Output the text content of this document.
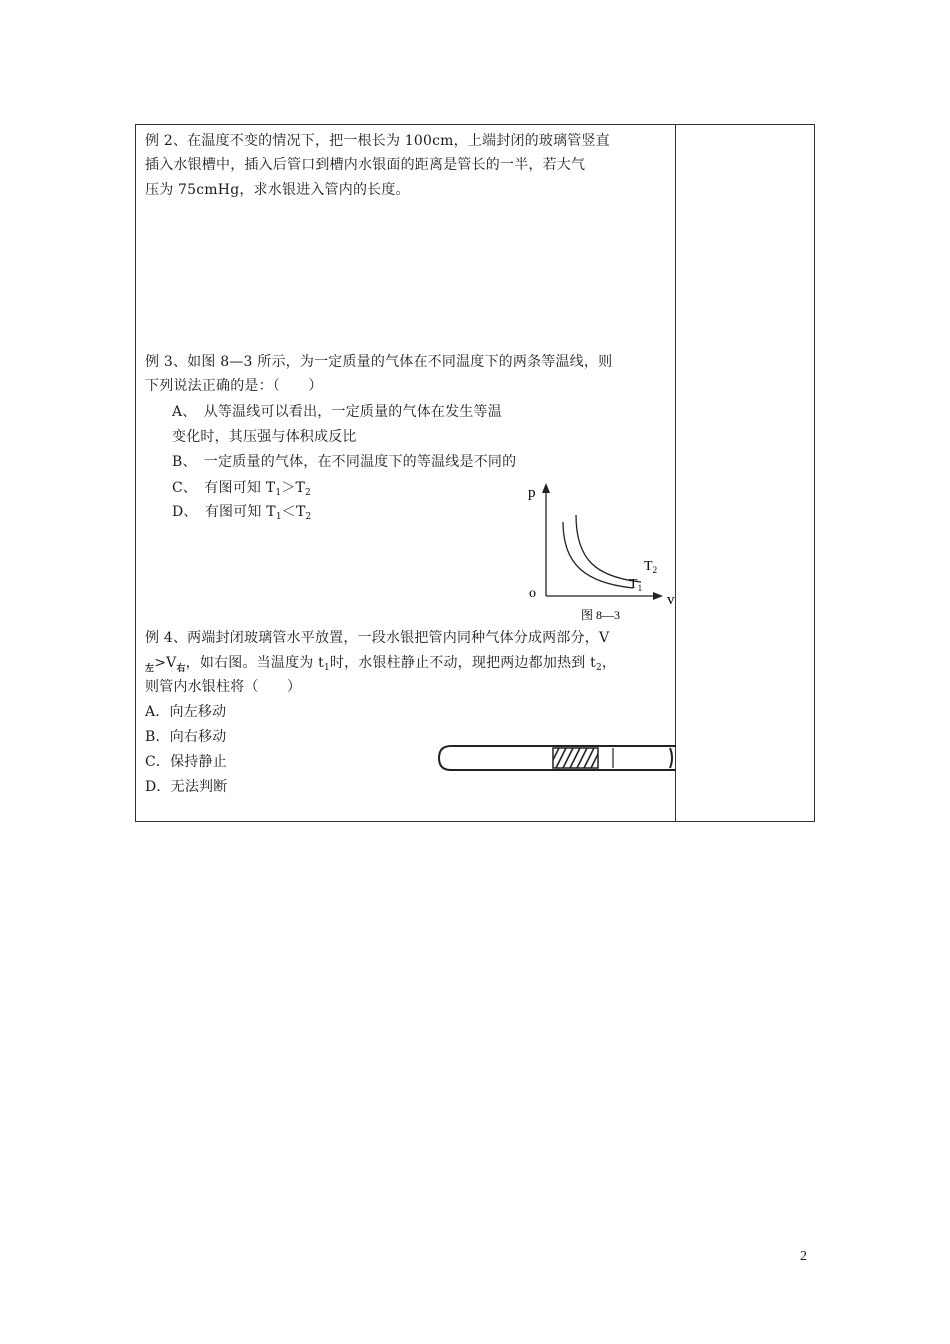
例 2、在温度不变的情况下，把一根长为 100cm，上端封闭的玻璃管竖直
插入水银槽中，插入后管口到槽内水银面的距离是管长的一半，若大气
压为 75cmHg，求水银进入管内的长度。
例 3、如图 8—3 所示，为一定质量的气体在不同温度下的两条等温线，则
下列说法正确的是：（　　）
A、　从等温线可以看出，一定质量的气体在发生等温
变化时，其压强与体积成反比
B、　一定质量的气体，在不同温度下的等温线是不同的
C、　有图可知 $T_1>T_2$
D、　有图可知 $T_1<T_2$
p
v
o
$T_2$
$T_1$
图 8—3
例 4、两端封闭玻璃管水平放置，一段水银把管内同种气体分成两部分，V
$_左>V_右$，如右图。当温度为 $t_1$时，水银柱静止不动，现把两边都加热到 $t_2$，
则管内水银柱将（　　）
A．向左移动
B．向右移动
C．保持静止
D．无法判断
2
